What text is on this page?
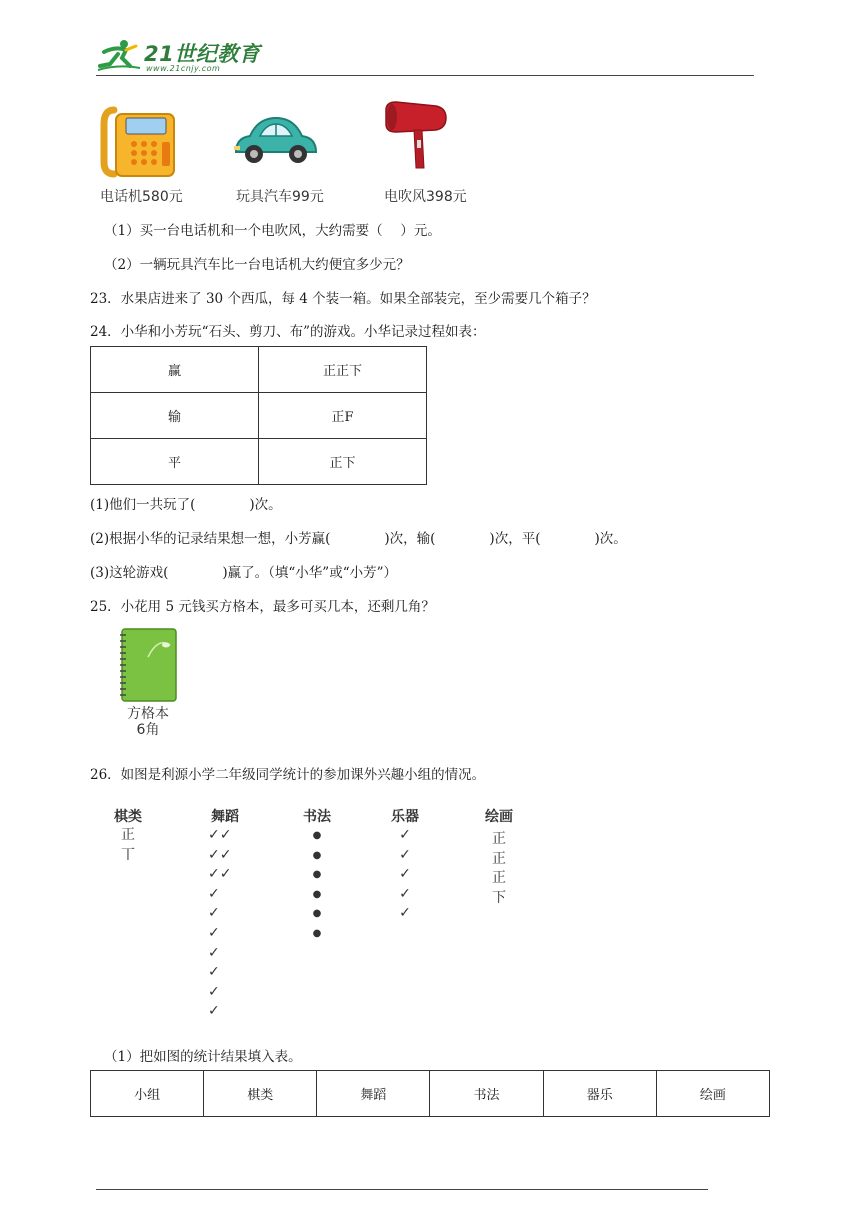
21世纪教育
www.21cnjy.com
电话机580元	玩具汽车99元	电吹风398元
（1）买一台电话机和一个电吹风，大约需要（　 ）元。
（2）一辆玩具汽车比一台电话机大约便宜多少元？
23．水果店进来了 30 个西瓜，每 4 个装一箱。如果全部装完，至少需要几个箱子？
24．小华和小芳玩“石头、剪刀、布”的游戏。小华记录过程如表：
赢	正正下
输	正F
平	正下
(1)他们一共玩了(　　　　)次。
(2)根据小华的记录结果想一想，小芳赢(　　　　)次，输(　　　　)次，平(　　　　)次。
(3)这轮游戏(　　　　)赢了。（填“小华”或“小芳”）
25．小花用 5 元钱买方格本，最多可买几本，还剩几角？
方格本
6角
26．如图是利源小学二年级同学统计的参加课外兴趣小组的情况。
棋类
正
丅
舞蹈
✓✓
✓✓
✓✓
✓
✓
✓
✓
✓
✓
✓
书法
●
●
●
●
●
●
乐器
✓
✓
✓
✓
✓
绘画
正
正
正
下
（1）把如图的统计结果填入表。
小组	棋类	舞蹈	书法	器乐	绘画
